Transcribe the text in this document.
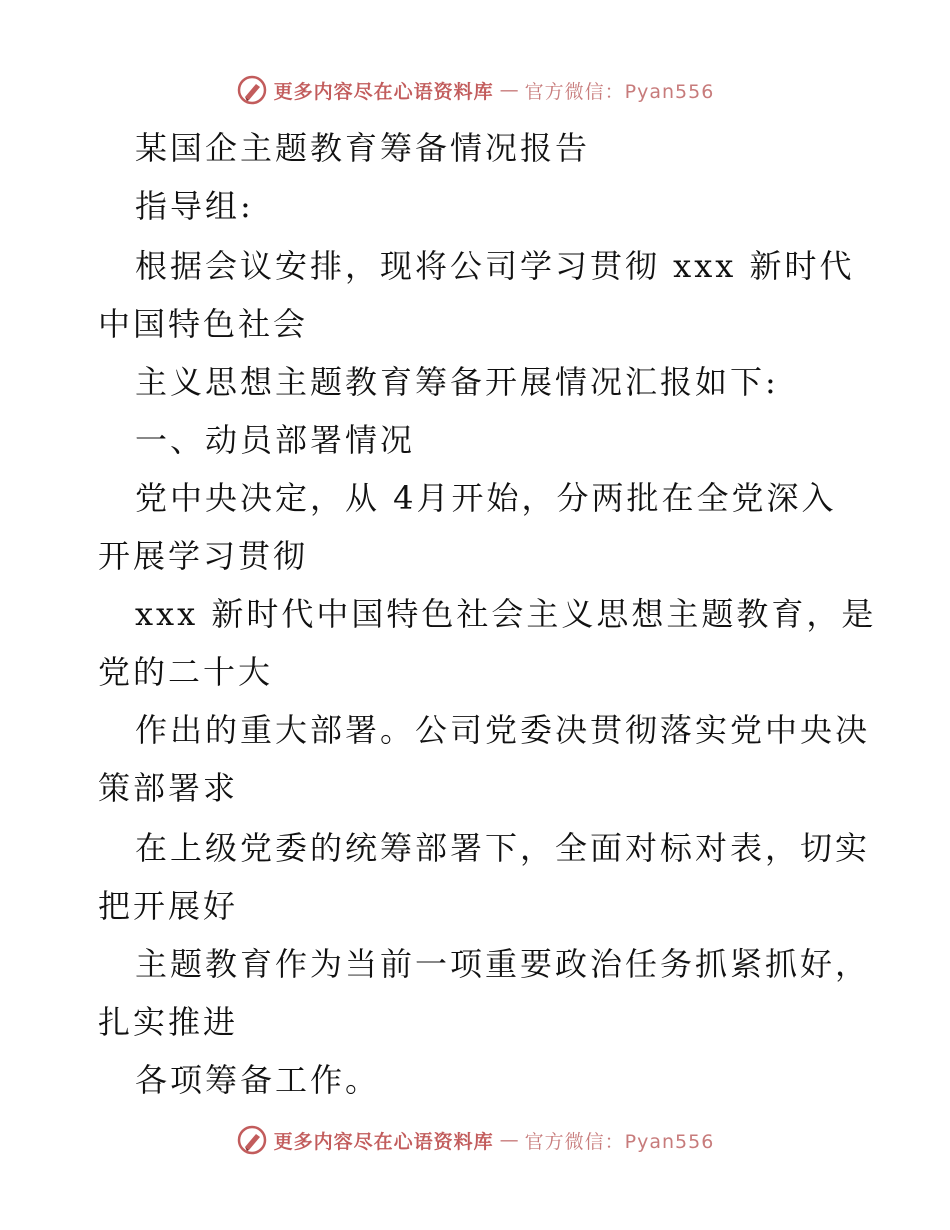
更多内容尽在心语资料库 — 官方微信：Pyan556
某国企主题教育筹备情况报告
指导组:
根据会议安排，现将公司学习贯彻 xxx 新时代
中国特色社会
主义思想主题教育筹备开展情况汇报如下:
一、动员部署情况
党中央决定，从 4月开始，分两批在全党深入
开展学习贯彻
xxx 新时代中国特色社会主义思想主题教育，是
党的二十大
作出的重大部署。公司党委决贯彻落实党中央决
策部署求
在上级党委的统筹部署下，全面对标对表，切实
把开展好
主题教育作为当前一项重要政治任务抓紧抓好，
扎实推进
各项筹备工作。
更多内容尽在心语资料库 — 官方微信：Pyan556
